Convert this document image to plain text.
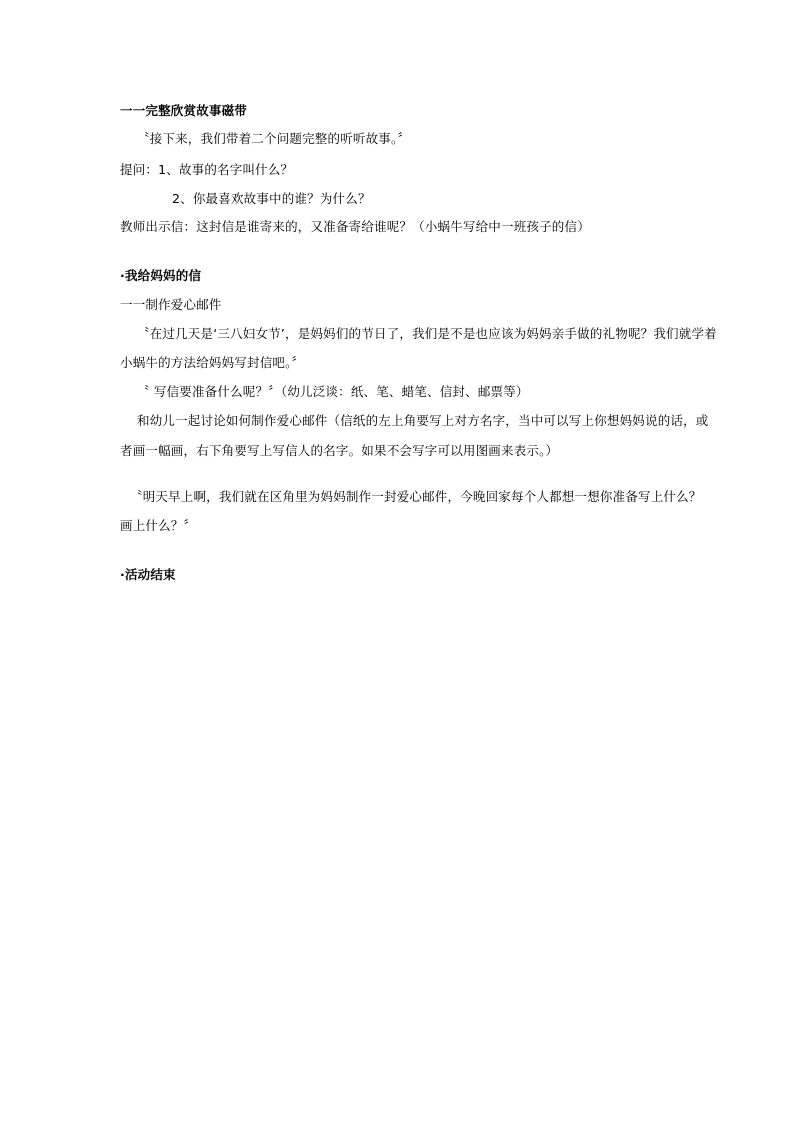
一一完整欣赏故事磁带
〝接下来，我们带着二个问题完整的听听故事。〞
提问：1、故事的名字叫什么？
2、你最喜欢故事中的谁？为什么？
教师出示信：这封信是谁寄来的，又准备寄给谁呢？（小蜗牛写给中一班孩子的信）
·我给妈妈的信
一一制作爱心邮件
〝在过几天是‘三八妇女节’，是妈妈们的节日了，我们是不是也应该为妈妈亲手做的礼物呢？我们就学着
小蜗牛的方法给妈妈写封信吧。〞
〝 写信要准备什么呢？〞（幼儿泛谈：纸、笔、蜡笔、信封、邮票等）
和幼儿一起讨论如何制作爱心邮件（信纸的左上角要写上对方名字，当中可以写上你想妈妈说的话，或
者画一幅画，右下角要写上写信人的名字。如果不会写字可以用图画来表示。）
〝明天早上啊，我们就在区角里为妈妈制作一封爱心邮件，今晚回家每个人都想一想你准备写上什么？
画上什么？〞
·活动结束
